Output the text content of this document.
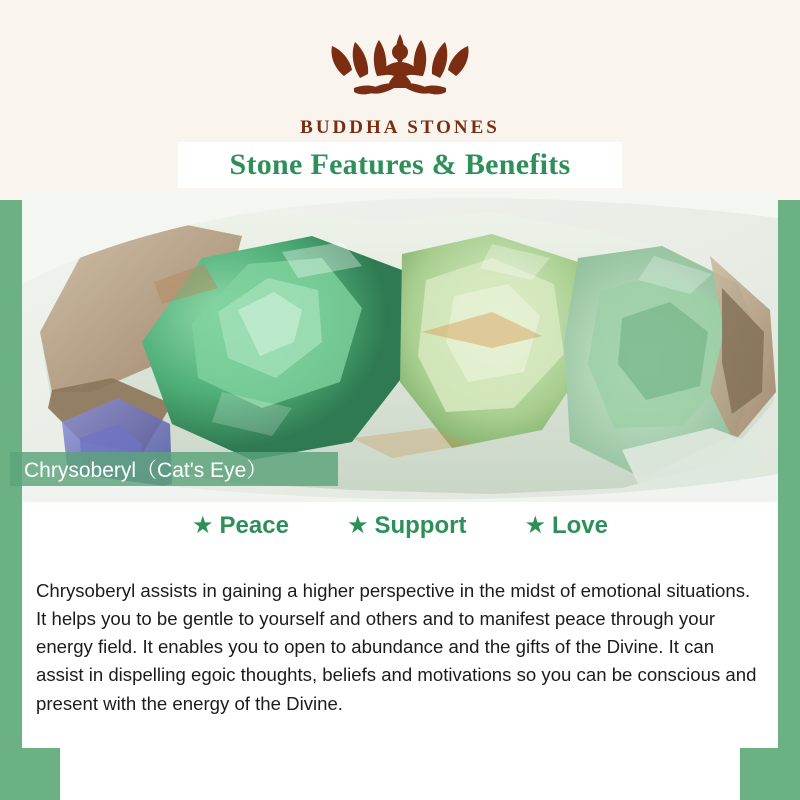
BUDDHA STONES
Stone Features & Benefits
Chrysoberyl（Cat's Eye）
★ Peace ★ Support ★ Love

Chrysoberyl assists in gaining a higher perspective in the midst of emotional situations. It helps you to be gentle to yourself and others and to manifest peace through your energy field. It enables you to open to abundance and the gifts of the Divine. It can assist in dispelling egoic thoughts, beliefs and motivations so you can be conscious and present with the energy of the Divine.
